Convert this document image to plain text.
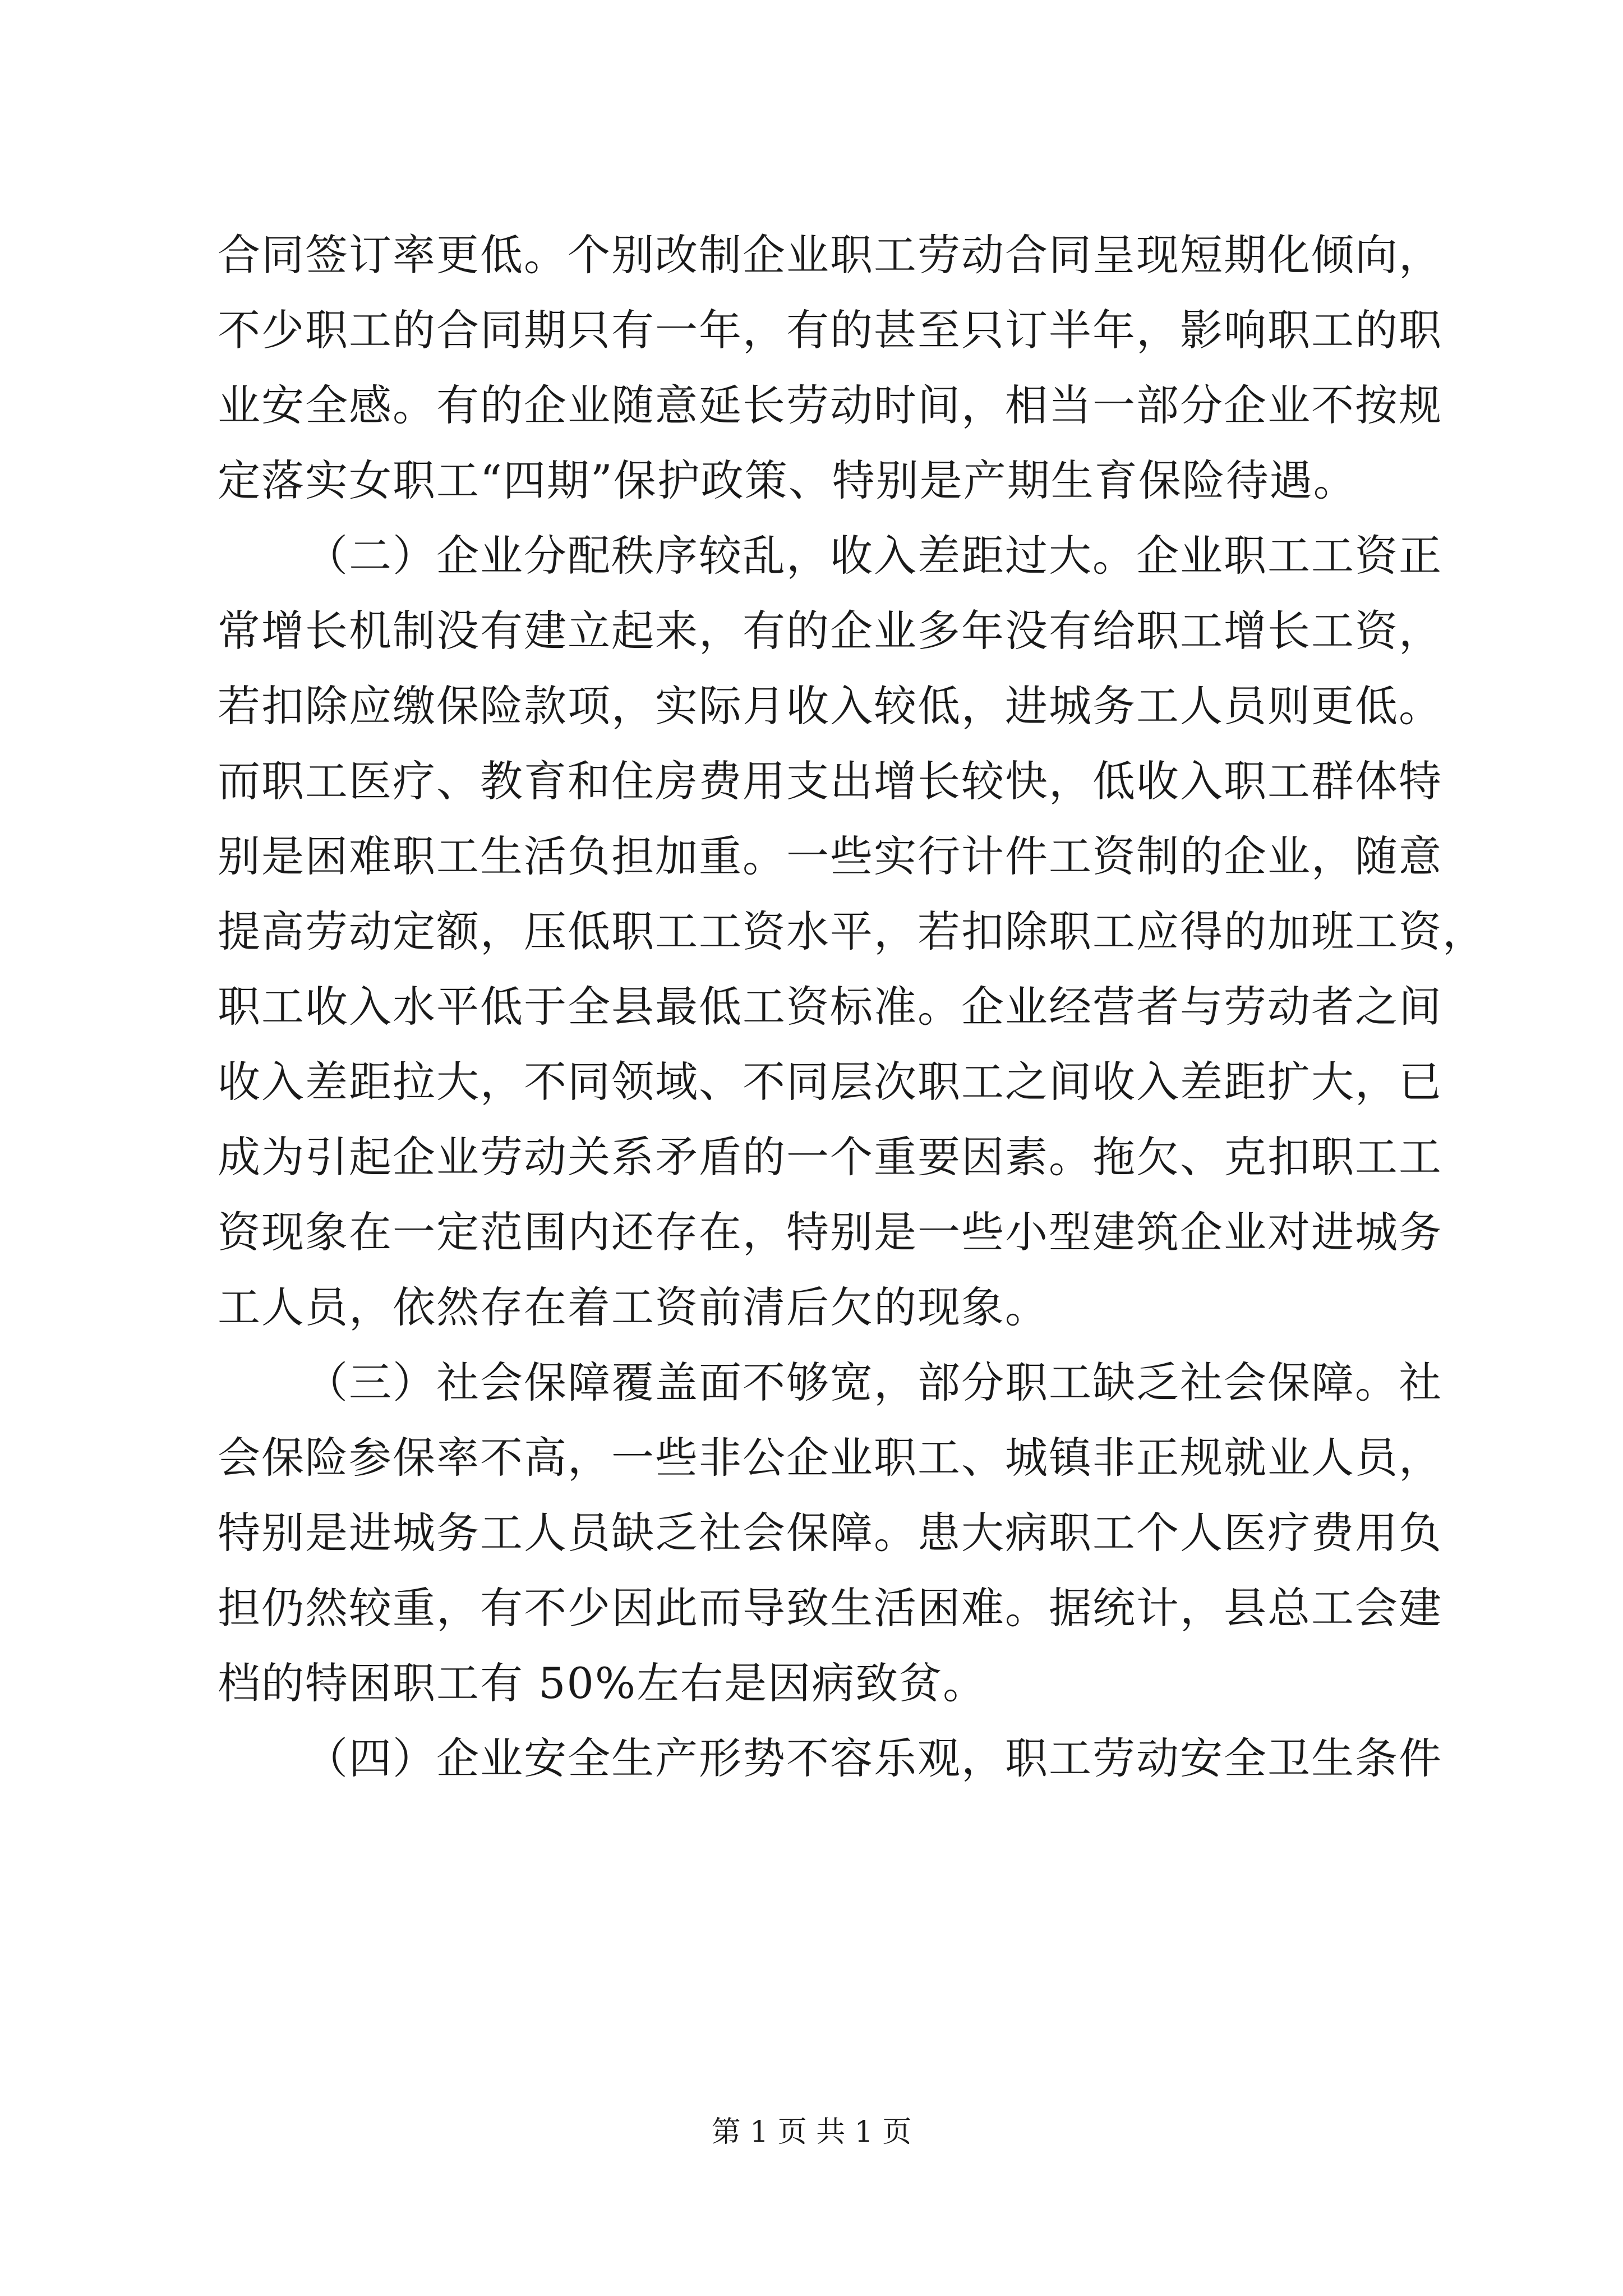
合同签订率更低。个别改制企业职工劳动合同呈现短期化倾向，
不少职工的合同期只有一年，有的甚至只订半年，影响职工的职
业安全感。有的企业随意延长劳动时间，相当一部分企业不按规
定落实女职工“四期”保护政策、特别是产期生育保险待遇。
（二）企业分配秩序较乱，收入差距过大。企业职工工资正
常增长机制没有建立起来，有的企业多年没有给职工增长工资，
若扣除应缴保险款项，实际月收入较低，进城务工人员则更低。
而职工医疗、教育和住房费用支出增长较快，低收入职工群体特
别是困难职工生活负担加重。一些实行计件工资制的企业，随意
提高劳动定额，压低职工工资水平，若扣除职工应得的加班工资，
职工收入水平低于全县最低工资标准。企业经营者与劳动者之间
收入差距拉大，不同领域、不同层次职工之间收入差距扩大，已
成为引起企业劳动关系矛盾的一个重要因素。拖欠、克扣职工工
资现象在一定范围内还存在，特别是一些小型建筑企业对进城务
工人员，依然存在着工资前清后欠的现象。
（三）社会保障覆盖面不够宽，部分职工缺乏社会保障。社
会保险参保率不高，一些非公企业职工、城镇非正规就业人员，
特别是进城务工人员缺乏社会保障。患大病职工个人医疗费用负
担仍然较重，有不少因此而导致生活困难。据统计，县总工会建
档的特困职工有 50%左右是因病致贫。
（四）企业安全生产形势不容乐观，职工劳动安全卫生条件
第 1 页 共 1 页
